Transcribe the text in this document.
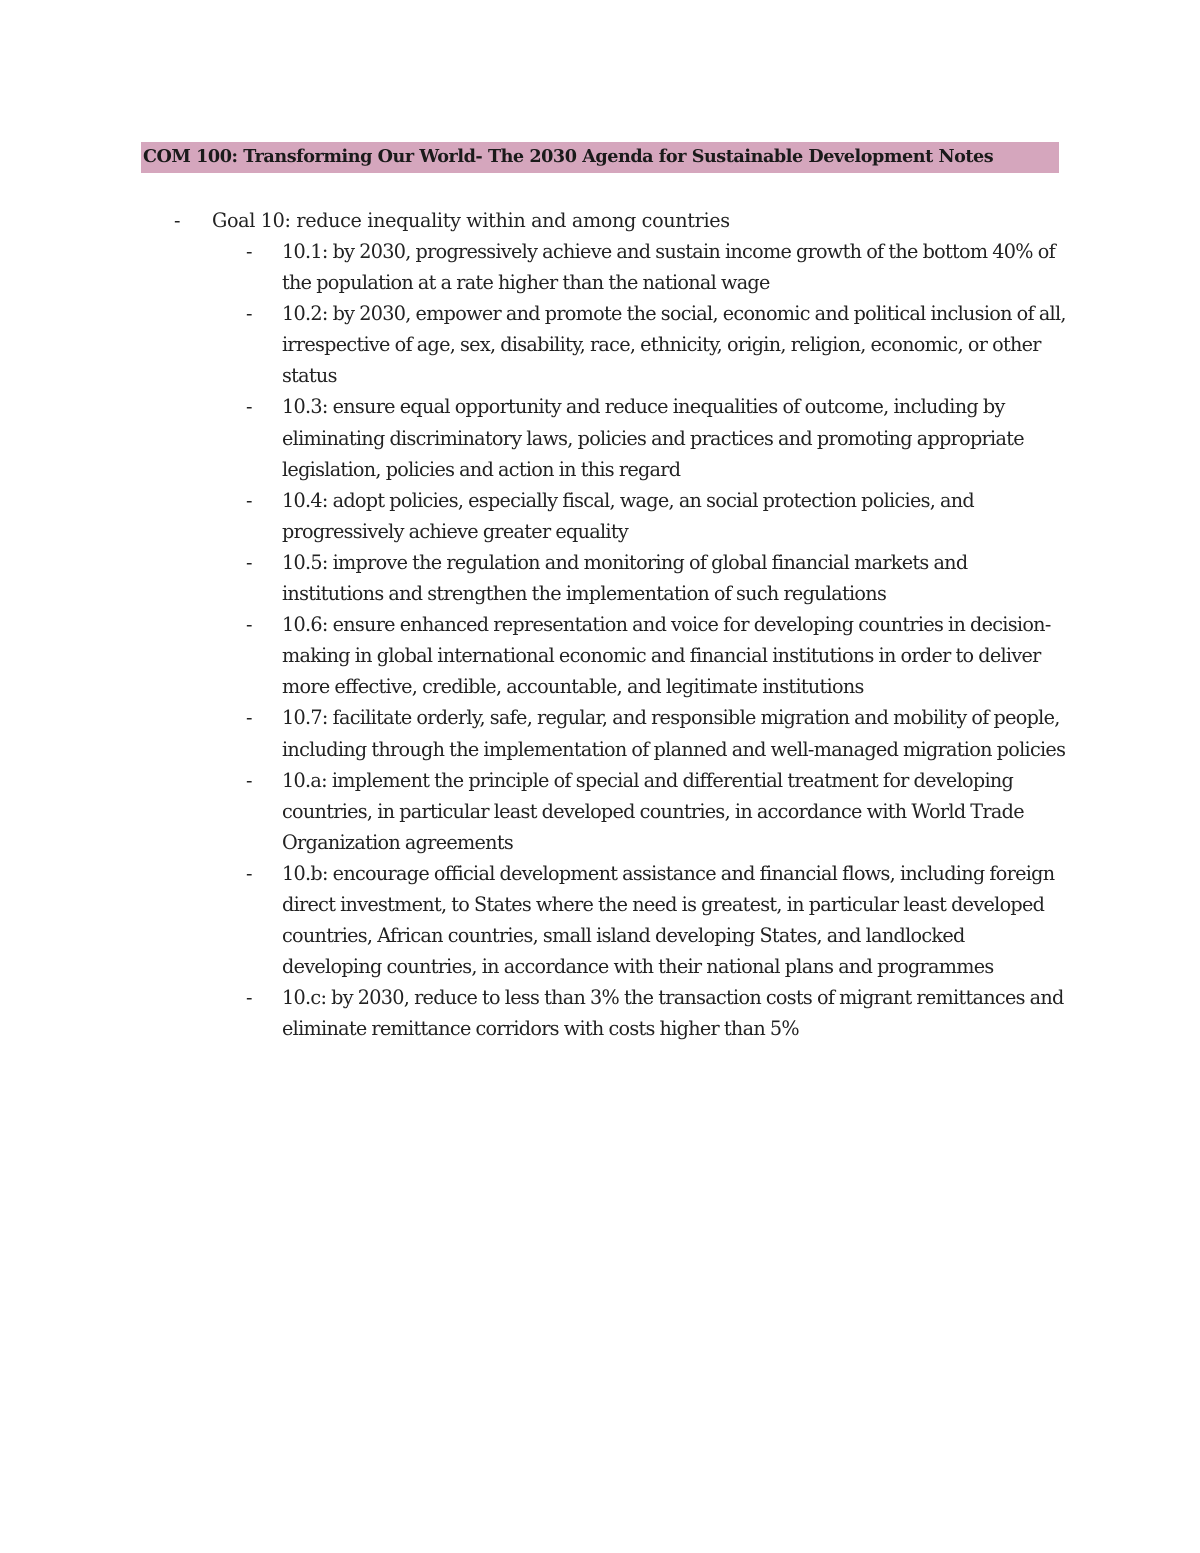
COM 100: Transforming Our World- The 2030 Agenda for Sustainable Development Notes
-	Goal 10: reduce inequality within and among countries
-	10.1: by 2030, progressively achieve and sustain income growth of the bottom 40% of the population at a rate higher than the national wage
-	10.2: by 2030, empower and promote the social, economic and political inclusion of all, irrespective of age, sex, disability, race, ethnicity, origin, religion, economic, or other status
-	10.3: ensure equal opportunity and reduce inequalities of outcome, including by eliminating discriminatory laws, policies and practices and promoting appropriate legislation, policies and action in this regard
-	10.4: adopt policies, especially fiscal, wage, an social protection policies, and progressively achieve greater equality
-	10.5: improve the regulation and monitoring of global financial markets and institutions and strengthen the implementation of such regulations
-	10.6: ensure enhanced representation and voice for developing countries in decision-making in global international economic and financial institutions in order to deliver more effective, credible, accountable, and legitimate institutions
-	10.7: facilitate orderly, safe, regular, and responsible migration and mobility of people, including through the implementation of planned and well-managed migration policies
-	10.a: implement the principle of special and differential treatment for developing countries, in particular least developed countries, in accordance with World Trade Organization agreements
-	10.b: encourage official development assistance and financial flows, including foreign direct investment, to States where the need is greatest, in particular least developed countries, African countries, small island developing States, and landlocked developing countries, in accordance with their national plans and programmes
-	10.c: by 2030, reduce to less than 3% the transaction costs of migrant remittances and eliminate remittance corridors with costs higher than 5%
